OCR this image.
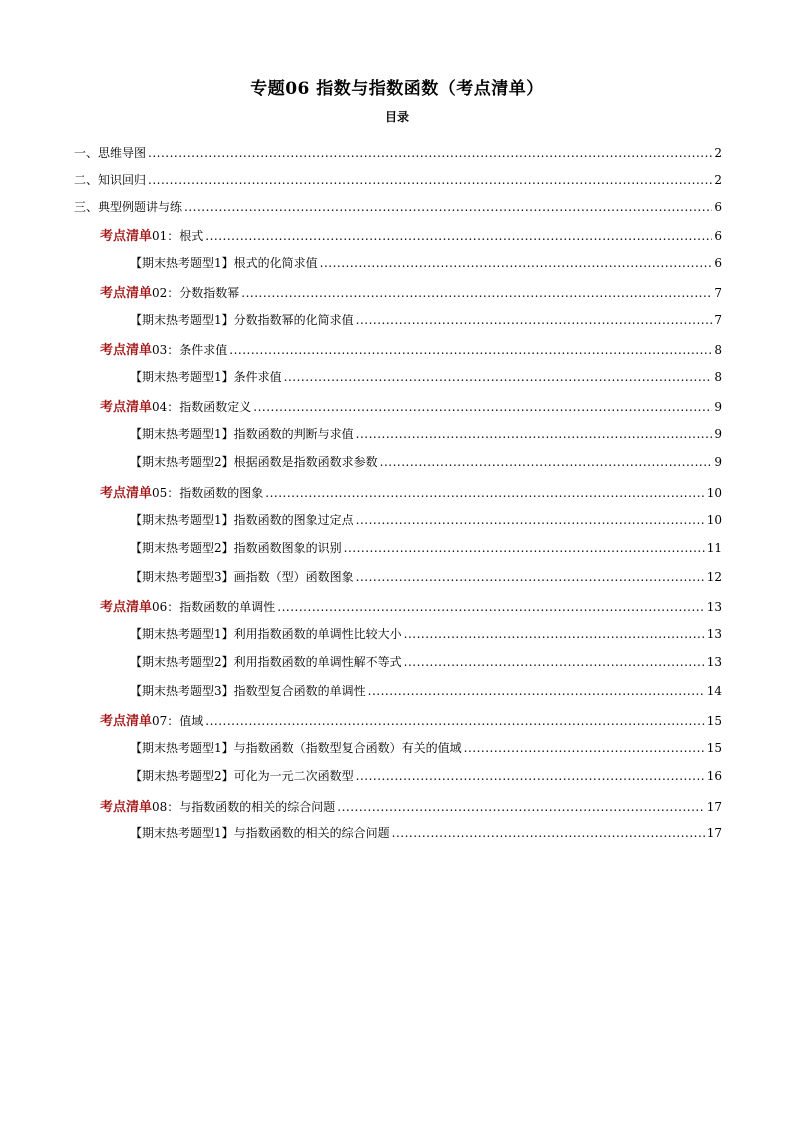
专题06 指数与指数函数（考点清单）
目录
一、思维导图 .....	2
二、知识回归 .....	2
三、典型例题讲与练 .....	6
考点清单01：根式 .....	6
【期末热考题型1】根式的化简求值 .....	6
考点清单02：分数指数幂 .....	7
【期末热考题型1】分数指数幂的化简求值 .....	7
考点清单03：条件求值 .....	8
【期末热考题型1】条件求值 .....	8
考点清单04：指数函数定义 .....	9
【期末热考题型1】指数函数的判断与求值 .....	9
【期末热考题型2】根据函数是指数函数求参数 .....	9
考点清单05：指数函数的图象 .....	10
【期末热考题型1】指数函数的图象过定点 .....	10
【期末热考题型2】指数函数图象的识别 .....	11
【期末热考题型3】画指数（型）函数图象 .....	12
考点清单06：指数函数的单调性 .....	13
【期末热考题型1】利用指数函数的单调性比较大小 .....	13
【期末热考题型2】利用指数函数的单调性解不等式 .....	13
【期末热考题型3】指数型复合函数的单调性 .....	14
考点清单07：值域 .....	15
【期末热考题型1】与指数函数（指数型复合函数）有关的值域 .....	15
【期末热考题型2】可化为一元二次函数型 .....	16
考点清单08：与指数函数的相关的综合问题 .....	17
【期末热考题型1】与指数函数的相关的综合问题 .....	17
